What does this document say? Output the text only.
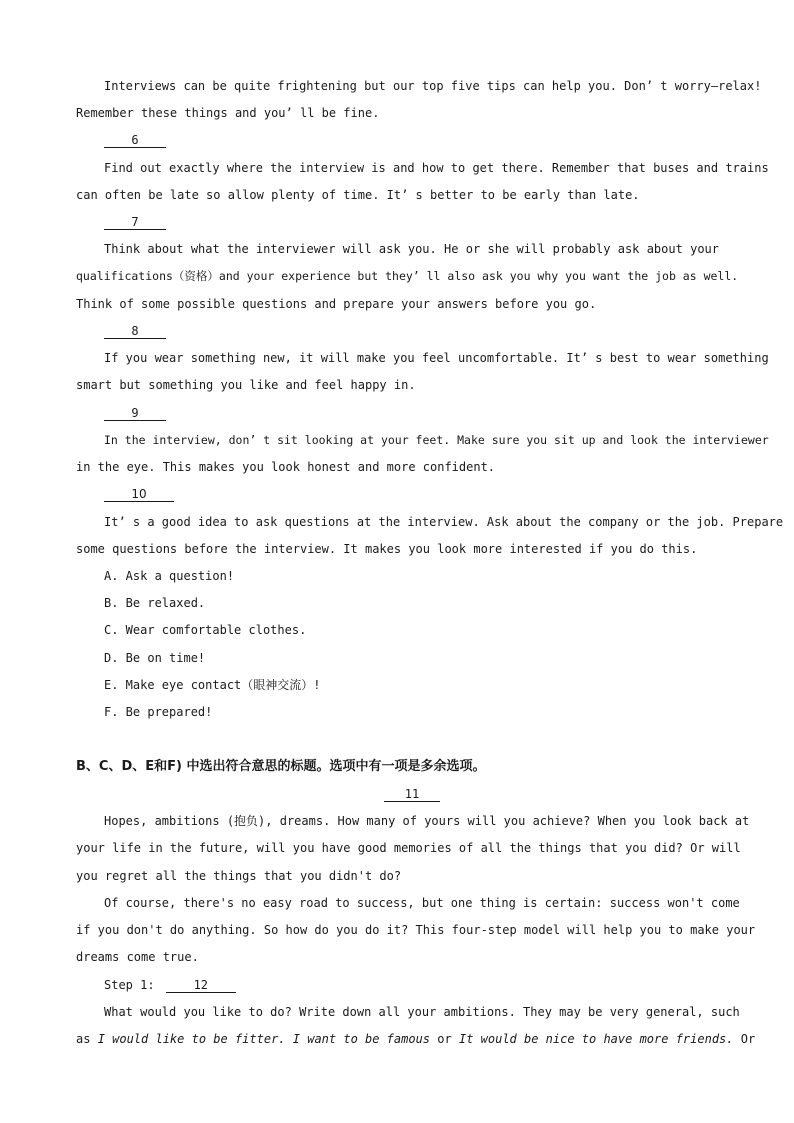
Interviews can be quite frightening but our top five tips can help you. Don’ t worry—relax!
Remember these things and you’ ll be fine.
6
Find out exactly where the interview is and how to get there. Remember that buses and trains
can often be late so allow plenty of time. It’ s better to be early than late.
7
Think about what the interviewer will ask you. He or she will probably ask about your
qualifications（资格）and your experience but they’ ll also ask you why you want the job as well.
Think of some possible questions and prepare your answers before you go.
8
If you wear something new, it will make you feel uncomfortable. It’ s best to wear something
smart but something you like and feel happy in.
9
In the interview, don’ t sit looking at your feet. Make sure you sit up and look the interviewer
in the eye. This makes you look honest and more confident.
10
It’ s a good idea to ask questions at the interview. Ask about the company or the job. Prepare
some questions before the interview. It makes you look more interested if you do this.
A. Ask a question!
B. Be relaxed.
C. Wear comfortable clothes.
D. Be on time!
E. Make eye contact（眼神交流）!
F. Be prepared!
B、C、D、E和F) 中选出符合意思的标题。选项中有一项是多余选项。
11
Hopes, ambitions (抱负), dreams. How many of yours will you achieve? When you look back at
your life in the future, will you have good memories of all the things that you did? Or will
you regret all the things that you didn't do?
Of course, there's no easy road to success, but one thing is certain: success won't come
if you don't do anything. So how do you do it? This four-step model will help you to make your
dreams come true.
Step 1:	12
What would you like to do? Write down all your ambitions. They may be very general, such
as I would like to be fitter. I want to be famous or It would be nice to have more friends. Or
